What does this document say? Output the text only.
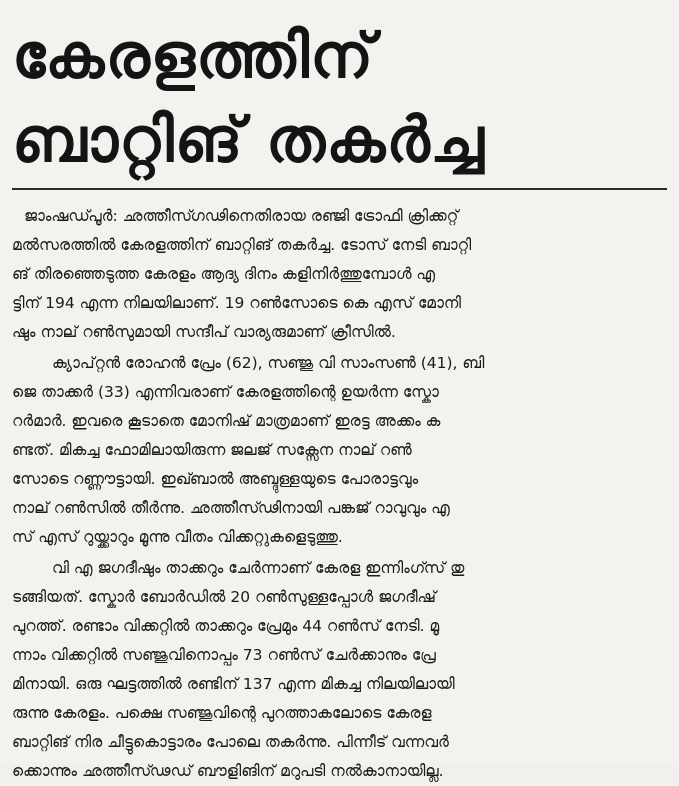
കേരളത്തിന്
ബാറ്റിങ് തകർച്ച

ജാംഷഡ്പൂർ: ഛത്തീസ്ഗഢിനെതിരായ രഞ്ജി ട്രോഫി ക്രിക്കറ്റ്
മൽസരത്തിൽ കേരളത്തിന് ബാറ്റിങ് തകർച്ച. ടോസ് നേടി ബാറ്റി
ങ് തിരഞ്ഞെടുത്ത കേരളം ആദ്യ ദിനം കളിനിർത്തുമ്പോൾ എ
ട്ടിന് 194 എന്ന നിലയിലാണ്. 19 റൺസോടെ കെ എസ് മോനി
ഷും നാല് റൺസുമായി സന്ദീപ് വാര്യരുമാണ് ക്രീസിൽ.

ക്യാപ്റ്റൻ രോഹൻ പ്രേം (62), സഞ്ജു വി സാംസൺ (41), ബി
ജെ താക്കർ (33) എന്നിവരാണ് കേരളത്തിന്റെ ഉയർന്ന സ്കോ
റർമാർ. ഇവരെ കൂടാതെ മോനിഷ് മാത്രമാണ് ഇരട്ട അക്കം ക
ണ്ടത്. മികച്ച ഫോമിലായിരുന്ന ജലജ് സക്സേന നാല് റൺ
സോടെ റണ്ണൗട്ടായി. ഇഖ്ബാൽ അബ്ദുള്ളയുടെ പോരാട്ടവും
നാല് റൺസിൽ തീർന്നു. ഛത്തീസ്ഢിനായി പങ്കജ് റാവുവും എ
സ് എസ് റുയ്ക്കാറും മൂന്നു വീതം വിക്കറ്റുകളെടുത്തു.

വി എ ജഗദീഷും താക്കറും ചേർന്നാണ് കേരള ഇന്നിംഗ്സ് തു
ടങ്ങിയത്. സ്കോർ ബോർഡിൽ 20 റൺസുള്ളപ്പോൾ ജഗദീഷ്
പുറത്ത്. രണ്ടാം വിക്കറ്റിൽ താക്കറും പ്രേമും 44 റൺസ് നേടി. മൂ
ന്നാം വിക്കറ്റിൽ സഞ്ജുവിനൊപ്പം 73 റൺസ് ചേർക്കാനും പ്രേ
മിനായി. ഒരു ഘട്ടത്തിൽ രണ്ടിന് 137 എന്ന മികച്ച നിലയിലായി
രുന്നു കേരളം. പക്ഷെ സഞ്ജുവിന്റെ പുറത്താകലോടെ കേരള
ബാറ്റിങ് നിര ചീട്ടുകൊട്ടാരം പോലെ തകർന്നു. പിന്നീട് വന്നവർ
ക്കൊന്നും ഛത്തീസ്ഢഡ് ബൗളിങിന് മറുപടി നൽകാനായില്ല.
